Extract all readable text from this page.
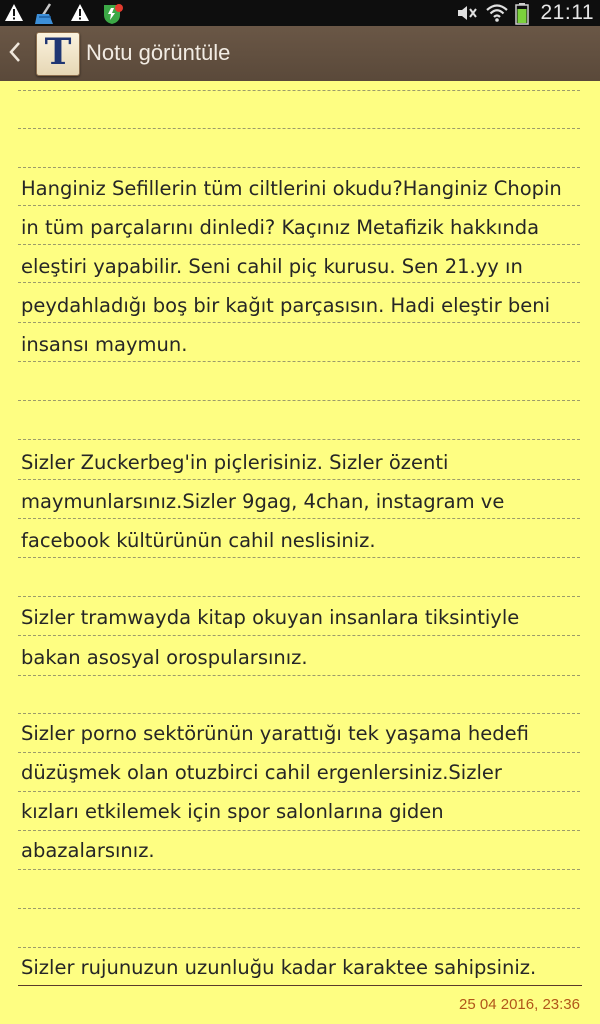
21:11
T Notu görüntüle
Hanginiz Sefillerin tüm ciltlerini okudu?Hanginiz Chopin
in tüm parçalarını dinledi? Kaçınız Metafizik hakkında
eleştiri yapabilir. Seni cahil piç kurusu. Sen 21.yy ın
peydahladığı boş bir kağıt parçasısın. Hadi eleştir beni
insansı maymun.
Sizler Zuckerbeg'in piçlerisiniz. Sizler özenti
maymunlarsınız.Sizler 9gag, 4chan, instagram ve
facebook kültürünün cahil neslisiniz.
Sizler tramwayda kitap okuyan insanlara tiksintiyle
bakan asosyal orospularsınız.
Sizler porno sektörünün yarattığı tek yaşama hedefi
düzüşmek olan otuzbirci cahil ergenlersiniz.Sizler
kızları etkilemek için spor salonlarına giden
abazalarsınız.
Sizler rujunuzun uzunluğu kadar karaktee sahipsiniz.
25 04 2016, 23:36
